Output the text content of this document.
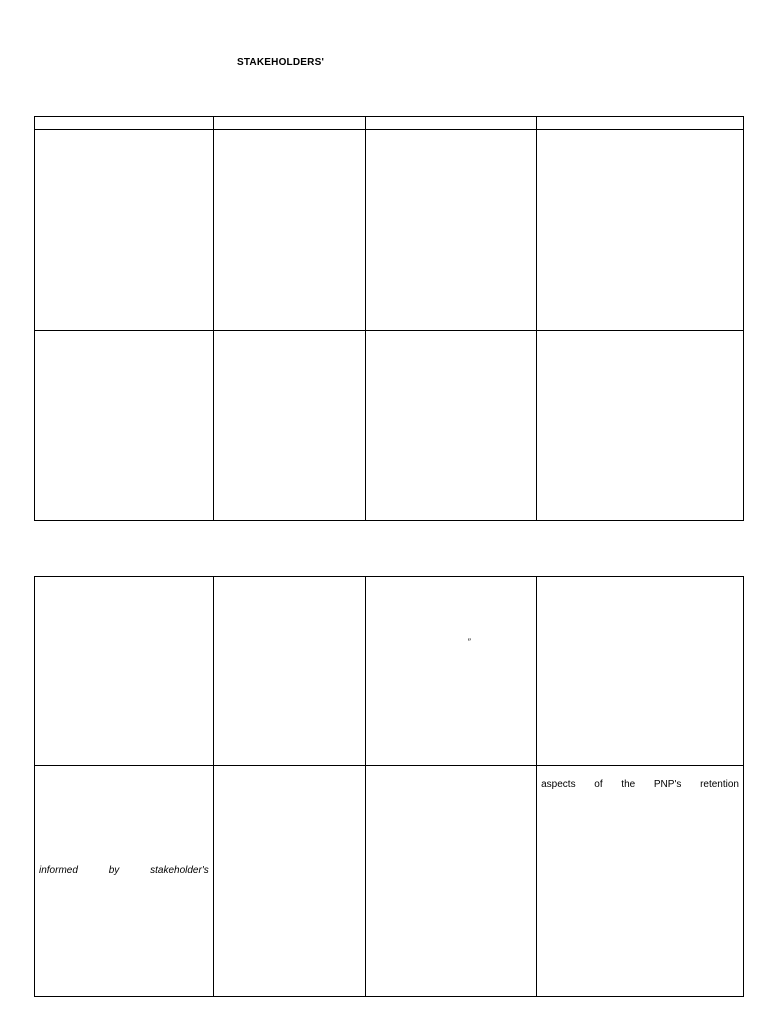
STAKEHOLDERS'

		”	

informed by stakeholder's			aspects of the PNP's retention
